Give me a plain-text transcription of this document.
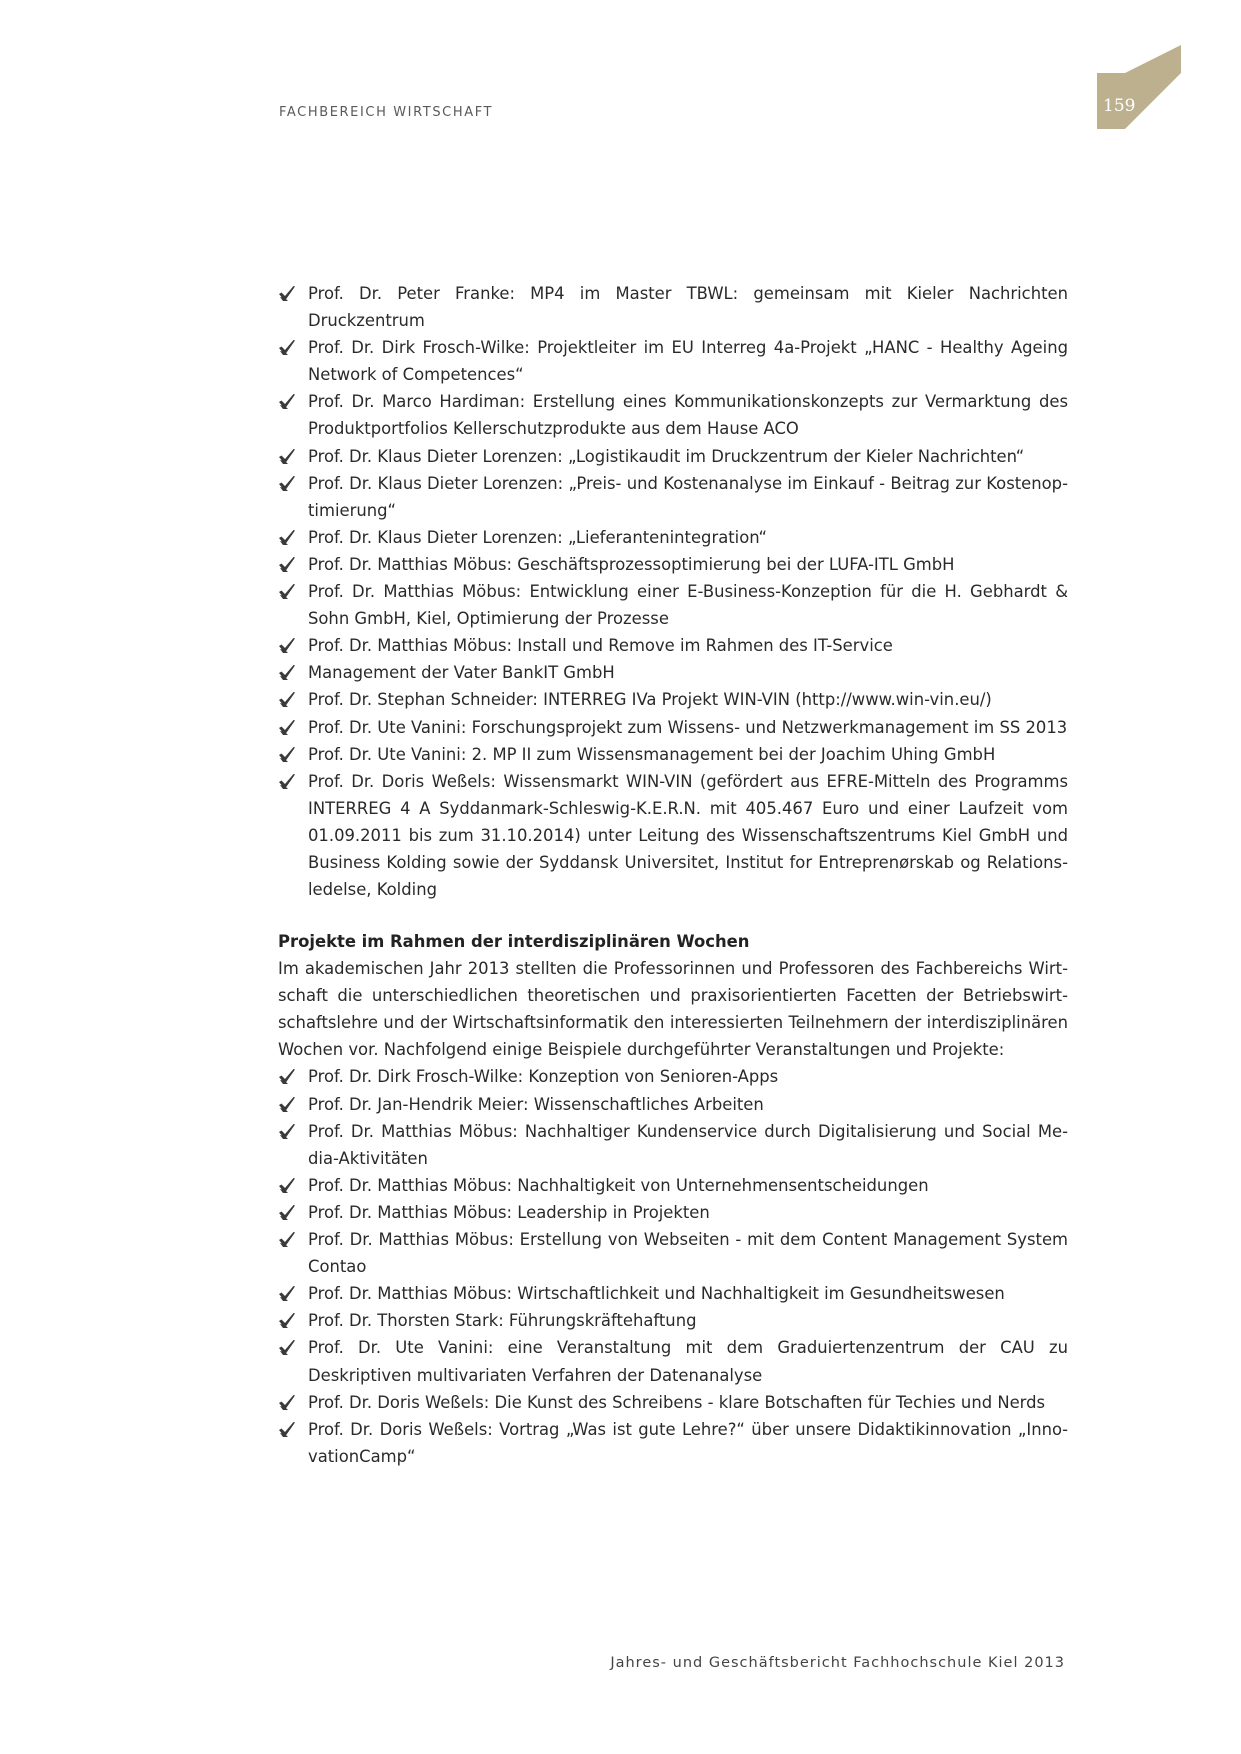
FACHBEREICH WIRTSCHAFT	159
Prof. Dr. Peter Franke: MP4 im Master TBWL: gemeinsam mit Kieler Nachrichten Druckzentrum
Prof. Dr. Dirk Frosch-Wilke: Projektleiter im EU Interreg 4a-Projekt „HANC - Healthy Ageing Network of Competences“
Prof. Dr. Marco Hardiman: Erstellung eines Kommunikationskonzepts zur Vermarktung des Produktportfolios Kellerschutzprodukte aus dem Hause ACO
Prof. Dr. Klaus Dieter Lorenzen: „Logistikaudit im Druckzentrum der Kieler Nachrichten“
Prof. Dr. Klaus Dieter Lorenzen: „Preis- und Kostenanalyse im Einkauf - Beitrag zur Kostenoptimierung“
Prof. Dr. Klaus Dieter Lorenzen: „Lieferantenintegration“
Prof. Dr. Matthias Möbus: Geschäftsprozessoptimierung bei der LUFA-ITL GmbH
Prof. Dr. Matthias Möbus: Entwicklung einer E-Business-Konzeption für die H. Gebhardt & Sohn GmbH, Kiel, Optimierung der Prozesse
Prof. Dr. Matthias Möbus: Install und Remove im Rahmen des IT-Service
Management der Vater BankIT GmbH
Prof. Dr. Stephan Schneider: INTERREG IVa Projekt WIN-VIN (http://www.win-vin.eu/)
Prof. Dr. Ute Vanini: Forschungsprojekt zum Wissens- und Netzwerkmanagement im SS 2013
Prof. Dr. Ute Vanini: 2. MP II zum Wissensmanagement bei der Joachim Uhing GmbH
Prof. Dr. Doris Weßels: Wissensmarkt WIN-VIN (gefördert aus EFRE-Mitteln des Programms INTERREG 4 A Syddanmark-Schleswig-K.E.R.N. mit 405.467 Euro und einer Laufzeit vom 01.09.2011 bis zum 31.10.2014) unter Leitung des Wissenschaftszentrums Kiel GmbH und Business Kolding sowie der Syddansk Universitet, Institut for Entreprenørskab og Relationsledelse, Kolding
Projekte im Rahmen der interdisziplinären Wochen

Im akademischen Jahr 2013 stellten die Professorinnen und Professoren des Fachbereichs Wirtschaft die unterschiedlichen theoretischen und praxisorientierten Facetten der Betriebswirtschaftslehre und der Wirtschaftsinformatik den interessierten Teilnehmern der interdisziplinären Wochen vor. Nachfolgend einige Beispiele durchgeführter Veranstaltungen und Projekte:

Prof. Dr. Dirk Frosch-Wilke: Konzeption von Senioren-Apps
Prof. Dr. Jan-Hendrik Meier: Wissenschaftliches Arbeiten
Prof. Dr. Matthias Möbus: Nachhaltiger Kundenservice durch Digitalisierung und Social Media-Aktivitäten
Prof. Dr. Matthias Möbus: Nachhaltigkeit von Unternehmensentscheidungen
Prof. Dr. Matthias Möbus: Leadership in Projekten
Prof. Dr. Matthias Möbus: Erstellung von Webseiten - mit dem Content Management System Contao
Prof. Dr. Matthias Möbus: Wirtschaftlichkeit und Nachhaltigkeit im Gesundheitswesen
Prof. Dr. Thorsten Stark: Führungskräftehaftung
Prof. Dr. Ute Vanini: eine Veranstaltung mit dem Graduiertenzentrum der CAU zu Deskriptiven multivariaten Verfahren der Datenanalyse
Prof. Dr. Doris Weßels: Die Kunst des Schreibens - klare Botschaften für Techies und Nerds
Prof. Dr. Doris Weßels: Vortrag „Was ist gute Lehre?“ über unsere Didaktikinnovation „InnovationCamp“
Jahres- und Geschäftsbericht Fachhochschule Kiel 2013
